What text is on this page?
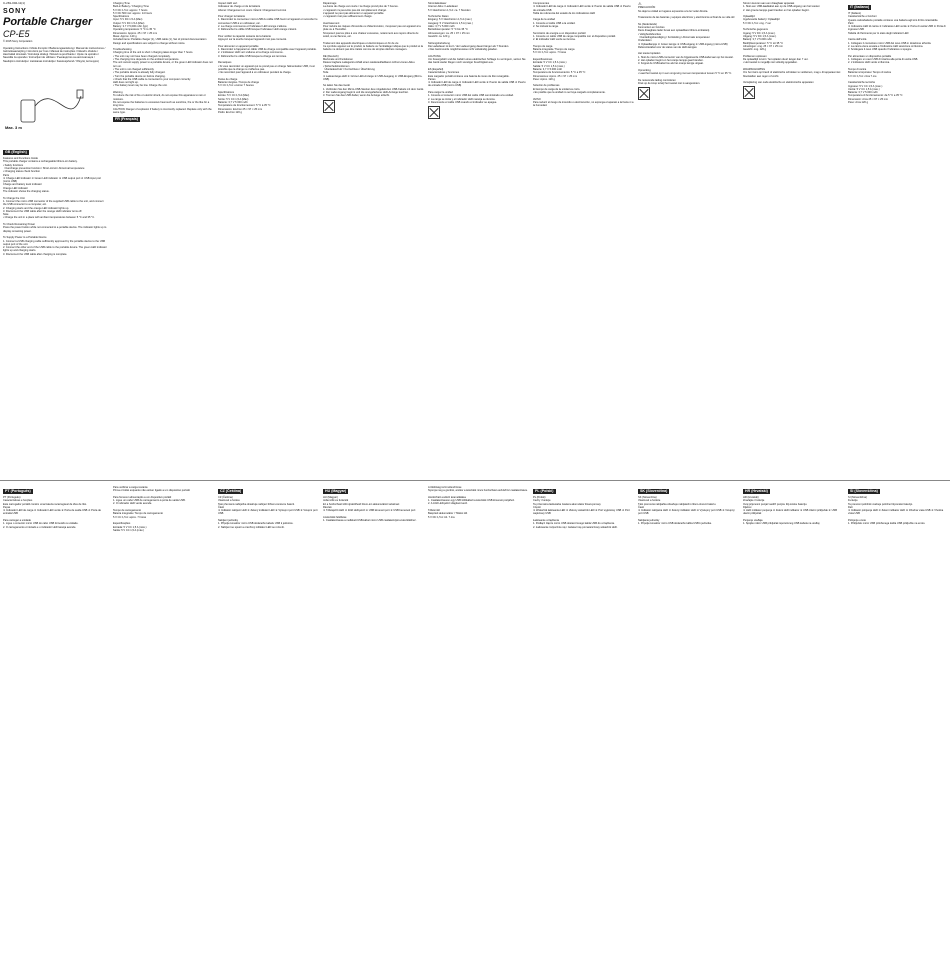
C-281-002-11(1)
SONY
Portable Charger
CP-E5
© 2015 Sony Corporation
Operating Instructions / Mode d'emploi / Bedienungsanleitung / Manual de instrucciones / Gebruiksaanwijzing / Istruzioni per l'uso / Manual de instruções / Návod k obsluze / Használati útmutató / Instrukcja obsługi / Návod na používanie / Upute za uporabu / Navodila za uporabo / Instrucţiuni de utilizare / Ръководство за експлоатация / Naudojimo instrukcija / Lietošanas instrukcija / Kasutusjuhend / Οδηγίες λειτουργίας
Max. 3 m
GB (English)
Features and Functions Inside
This portable charger contains a rechargeable lithium-ion battery.
• Safety functions
Overcharge prevention function / Short-circuit / Abnormal temperature
• Charging status check function
Parts
① Charge LED indicator ② Green LED indicator ③ USB output port ④ USB input port (micro USB)
Charge and battery level indicator
Orange LED indicator
The indicator shows the charging status.

To Charge the Unit
1. Connect the micro-USB connector of the supplied USB cable to the unit, and connect the USB connector to a computer, etc.
2. Charging starts and the orange LED indicator lights up.
3. Disconnect the USB cable after the orange LED indicator turns off.
Note
• Charge the unit in a place with ambient temperatures between 5 °C and 35 °C.

To Check Remaining Power
Press the power button while not connected to a portable device. The indicator lights up to display remaining power.

To Supply Power to a Portable Device
1. Connect a USB charging cable sufficiently approved by the portable device to the USB output port of the unit.
2. Connect the other end of the USB cable to the portable device. The green LED indicator lights up and charging starts.
3. Disconnect the USB cable after charging is complete.
Charging Time
Built-in Battery / Charging Time
5 V DC 1.5 A: approx. 7 hours
5 V DC 500 mA: approx. 14 hours
Specifications
Input: 5 V DC 1.5 A (Max)
Output: 5 V DC 1.5 A (Max)
Battery: 3.7 V 5,000 mAh (typ)
Operating temperature: 5 °C to 35 °C
Dimensions: Approx. 25 × 97 × 25 mm
Mass: Approx. 120 g
Included items: Portable charger (1), USB cable (1), Set of printed documentation
Design and specifications are subject to change without notice.

Troubleshooting
Charging time of the unit is short / charging takes longer than 7 hours.
• The unit may not have been charged completely.
• The charging time depends on the ambient temperature.
The unit cannot supply power to a portable device, or the green LED indicator does not turn on.
• The unit is not charged sufficiently.
• The portable device is already fully charged.
• Turn the portable device on before charging.
• Check that the USB cable is connected to your computer correctly.
LED does not light up.
• The battery level may be low. Charge the unit.

Warning
To reduce the risk of fire or electric shock, do not expose this apparatus to rain or moisture.
Do not expose the batteries to excessive heat such as sunshine, fire or the like for a long time.
CAUTION: Danger of explosion if battery is incorrectly replaced. Replace only with the same type.
FR (Français)
Inspect LED vert
Indicateur de charge et de la batterie
Allumé: Chargement en cours / Éteint: Chargement terminé

Pour charger la batterie
1. Raccordez le connecteur micro-USB du câble USB fourni à l'appareil et raccordez le connecteur USB à un ordinateur, etc.
2. La charge commence et l'indicateur LED orange s'allume.
3. Débranchez le câble USB lorsque l'indicateur LED orange s'éteint.

Pour vérifier la capacité restante de la batterie
Appuyez sur la touche lorsque l'appareil n'est pas connecté.

Pour alimenter un appareil portable
1. Raccordez à l'appareil un câble USB de charge compatible avec l'appareil portable.
2. L'indicateur LED vert s'allume et la charge commence.
3. Débranchez le câble USB lorsque la charge est terminée.

Remarques
• Si vous raccordez un appareil qui ne prend pas en charge l'alimentation USB, il est possible que la charge ne s'effectue pas.
• Ne raccordez pas l'appareil à un ordinateur pendant la charge.

Durée de charge
Batterie intégrée / Temps de charge
5 V CC 1,5 A: environ 7 heures

Spécifications
Entrée: 5 V CC 1,5 A (Max)
Sortie: 5 V CC 1,5 A (Max)
Batterie: 3,7 V 5 000 mAh
Température de fonctionnement: 5 °C à 35 °C
Dimensions: Environ 25 × 97 × 25 mm
Poids: Environ 120 g
Dépannage
La durée de charge est courte / la charge prend plus de 7 heures.
• L'appareil n'a peut-être pas été complètement chargé.
L'appareil ne peut pas alimenter un appareil portable.
• L'appareil n'est pas suffisamment chargé.

Avertissement
Pour réduire les risques d'incendie ou d'électrocution, n'exposez pas cet appareil à la pluie ou à l'humidité.
N'exposez pas les piles à une chaleur excessive, notamment aux rayons directs du soleil, à une flamme, etc.

Traitement des appareils électriques et électroniques en fin de vie
Ce symbole apposé sur le produit, la batterie ou l'emballage indique que le produit et la batterie ne doivent pas être traités comme de simples déchets ménagers.

DE (Deutsch)
Merkmale und Funktionen
Dieses tragbare Ladegerät enthält einen wiederaufladbaren Lithium-Ionen-Akku.
• Sicherheitsfunktionen
Überladeschutz / Kurzschluss / Überhitzung
Teile
① Ladeanzeige-LED ② Grüne LED-Anzeige ③ USB-Ausgang ④ USB-Eingang (Micro-USB)

So laden Sie das Gerät
1. Verbinden Sie den Micro-USB-Stecker des mitgelieferten USB-Kabels mit dem Gerät.
2. Der Ladevorgang beginnt und die orangefarbene LED-Anzeige leuchtet.
3. Trennen Sie das USB-Kabel, wenn die Anzeige erlischt.
Stromladedauer
Interner Akku / Ladedauer
5 V Gleichstrom 1,5 A: ca. 7 Stunden

Technische Daten
Eingang: 5 V Gleichstrom 1,5 A (max.)
Ausgang: 5 V Gleichstrom 1,5 A (max.)
Akku: 3,7 V 5.000 mAh
Betriebstemperatur: 5 °C bis 35 °C
Abmessungen: ca. 25 × 97 × 25 mm
Gewicht: ca. 120 g

Störungsbehebung
Die Ladedauer ist kurz / der Ladevorgang dauert länger als 7 Stunden.
• Das Gerät wurde möglicherweise nicht vollständig geladen.

ACHTUNG
Um Feuergefahr und die Gefahr eines elektrischen Schlags zu verringern, setzen Sie das Gerät weder Regen noch sonstiger Feuchtigkeit aus.

ES (Español)
Características y funciones
Este cargador portátil contiene una batería de iones de litio recargable.
Partes
① Indicador LED de carga ② Indicador LED verde ③ Puerto de salida USB ④ Puerto de entrada USB (micro USB)

Para cargar la unidad
1. Conecte el conector micro USB del cable USB suministrado a la unidad.
2. La carga se inicia y el indicador LED naranja se ilumina.
3. Desconecte el cable USB cuando el indicador se apague.
Componentes
① Indicador LED de carga ② Indicador LED verde ③ Puerto de salida USB ④ Puerto de entrada USB
Tabla de referencia del estado de los indicadores LED

Carga de la unidad
1. Conecte el cable USB a la unidad.
2. Se iniciará la carga.

Suministro de energía a un dispositivo portátil
1. Conecte un cable USB de carga compatible con el dispositivo portátil.
2. El indicador LED verde se ilumina.

Tiempo de carga
Batería integrada / Tiempo de carga
5 V CC 1,5 A: aprox. 7 horas

Especificaciones
Entrada: 5 V CC 1,5 A (máx.)
Salida: 5 V CC 1,5 A (máx.)
Batería: 3,7 V 5.000 mAh
Temperatura de funcionamiento: 5 °C a 35 °C
Dimensiones: Aprox. 25 × 97 × 25 mm
Peso: Aprox. 120 g

Solución de problemas
El tiempo de carga de la unidad es corto.
• Es posible que la unidad no se haya cargado completamente.

AVISO
Para reducir el riesgo de incendio o electrocución, no exponga el aparato a la lluvia ni a la humedad.
⚠
PRECAUCIÓN
No deje la unidad en lugares expuestos a la luz solar directa.

Tratamiento de las baterías y equipos eléctricos y electrónicos al final de su vida útil

NL (Nederlands)
Kenmerken en functies
Deze draagbare lader bevat een oplaadbare lithium-ionbatterij.
• Veiligheidsfuncties
Overladingsbeveiliging / Kortsluiting / Abnormale temperatuur
Onderdelen
① Oplaadlampje ② Groen lampje ③ USB-uitgang ④ USB-ingang (micro-USB)
Referentietabel voor de status van de LED-lampjes

Het toestel opladen
1. Sluit de micro-USB-connector van de bijgeleverde USB-kabel aan op het toestel.
2. Het opladen begint en het oranje lampje gaat branden.
3. Koppel de USB-kabel los als het oranje lampje uitgaat.

Opmerking
• Laad het toestel op in een omgeving met een temperatuur tussen 5 °C en 35 °C.

De resterende lading controleren
Druk op de knop terwijl het toestel niet is aangesloten.
Stroom leveren aan een draagbaar apparaat
1. Sluit een USB-laadkabel aan op de USB-uitgang van het toestel.
2. Het groene lampje gaat branden en het opladen begint.

Oplaadtijd
Ingebouwde batterij / Oplaadtijd
5 V DC 1,5 A: ong. 7 uur

Technische gegevens
Ingang: 5 V DC 1,5 A (max.)
Uitgang: 5 V DC 1,5 A (max.)
Batterij: 3,7 V 5.000 mAh
Bedrijfstemperatuur: 5 °C tot 35 °C
Afmetingen: ong. 25 × 97 × 25 mm
Gewicht: ong. 120 g

Problemen oplossen
De oplaadtijd is kort / het opladen duurt langer dan 7 uur.
• Het toestel is mogelijk niet volledig opgeladen.

WAARSCHUWING
Om het risico op brand of elektrische schokken te verkleinen, mag u dit apparaat niet blootstellen aan regen of vocht.

Verwijdering van oude elektrische en elektronische apparaten
IT (Italiano)
IT (Italiano)
Caratteristiche e funzioni
Questo caricabatterie portatile contiene una batteria agli ioni di litio ricaricabile.
Parti
① Indicatore LED di carica ② Indicatore LED verde ③ Porta di uscita USB ④ Porta di ingresso USB
Tabella di riferimento per lo stato degli indicatori LED

Carica dell'unità
1. Collegare il connettore micro USB del cavo USB in dotazione all'unità.
2. La carica viene avviata e l'indicatore LED arancione si illumina.
3. Scollegare il cavo USB quando l'indicatore si spegne.

Per alimentare un dispositivo portatile
1. Collegare un cavo USB di ricarica alla porta di uscita USB.
2. L'indicatore LED verde si illumina.

Tempo di carica
Batteria incorporata / Tempo di carica
5 V CC 1,5 A: circa 7 ore

Caratteristiche tecniche
Ingresso: 5 V CC 1,5 A (max.)
Uscita: 5 V CC 1,5 A (max.)
Batteria: 3,7 V 5.000 mAh
Temperatura di funzionamento: da 5 °C a 35 °C
Dimensioni: circa 25 × 97 × 25 mm
Peso: circa 120 g
PT (Português)
PT (Português)
Características e funções
Este carregador portátil contém uma bateria recarregável de iões de lítio.
Peças
① Indicador LED de carga ② Indicador LED verde ③ Porta de saída USB ④ Porta de entrada USB

Para carregar a unidade
1. Ligue o conector micro USB do cabo USB fornecido à unidade.
2. O carregamento é iniciado e o indicador LED laranja acende.
Para verificar a carga restante
Prima o botão enquanto não estiver ligado a um dispositivo portátil.

Para fornecer alimentação a um dispositivo portátil
1. Ligue um cabo USB de carregamento à porta de saída USB.
2. O indicador LED verde acende.

Tempo de carregamento
Bateria integrada / Tempo de carregamento
5 V CC 1,5 A: aprox. 7 horas

Especificações
Entrada: 5 V CC 1,5 A (máx.)
Saída: 5 V CC 1,5 A (máx.)
CZ (Čeština)
CZ (Čeština)
Vlastnosti a funkce
Tato přenosná nabíječka obsahuje nabíjecí lithium-iontovou baterii.
Části
① Indikátor nabíjení LED ② Zelený indikátor LED ③ Výstupní port USB ④ Vstupní port USB

Nabíjení jednotky
1. Připojte konektor micro USB dodaného kabelu USB k jednotce.
2. Nabíjení se spustí a oranžový indikátor LED se rozsvítí.
HU (Magyar)
HU (Magyar)
Jellemzők és funkciók
Ez a hordozható töltő újratölthető lítium-ion akkumulátort tartalmaz.
Részek
① Töltésjelző LED ② Zöld LED-jelző ③ USB kimeneti port ④ USB bemeneti port

A készülék feltöltése
1. Csatlakoztassa a mellékelt USB-kábel micro USB csatlakozóját a készülékhez.
A töltöttségi szint ellenőrzése
Nyomja meg a gombot, amikor a készülék nincs hordozható eszközhöz csatlakoztatva.

Hordozható eszköz áramellátása
1. Csatlakoztasson egy USB töltőkábelt a készülék USB kimeneti portjához.
2. A zöld LED-jelző világítani kezd.

Töltési idő
Beépített akkumulátor / Töltési idő
5 V DC 1,5 A: kb. 7 óra
PL (Polski)
PL (Polski)
Cechy i funkcje
Ta przenośna ładowarka zawiera akumulator litowo-jonowy.
Części
① Wskaźnik ładowania LED ② Zielony wskaźnik LED ③ Port wyjściowy USB ④ Port wejściowy USB

Ładowanie urządzenia
1. Podłącz złącze micro USB dostarczonego kabla USB do urządzenia.
2. Ładowanie rozpocznie się i zaświeci się pomarańczowy wskaźnik LED.
SK (Slovenčina)
SK (Slovenčina)
Vlastnosti a funkcie
Táto prenosná nabíjačka obsahuje nabíjateľnú lítium-iónovú batériu.
Časti
① Indikátor nabíjania LED ② Zelený indikátor LED ③ Výstupný port USB ④ Vstupný port USB

Nabíjanie jednotky
1. Pripojte konektor micro USB dodaného kábla USB k jednotke.
HR (Hrvatski)
HR (Hrvatski)
Značajke i funkcije
Ovaj prijenosni punjač sadrži punjivu litij-ionsku bateriju.
Dijelovi
① LED indikator punjenja ② Zeleni LED indikator ③ USB izlazni priključak ④ USB ulazni priključak

Punjenje uređaja
1. Spojite mikro USB priključak isporučenog USB kabela na uređaj.
SI (Slovenščina)
SI (Slovenščina)
Funkcije
Ta prenosni polnilnik vsebuje polnilno litij-ionsko baterijo.
Deli
① Indikator polnjenja LED ② Zeleni indikator LED ③ Izhodna vrata USB ④ Vhodna vrata USB

Polnjenje enote
1. Priključek micro USB priloženega kabla USB priključite na enoto.
